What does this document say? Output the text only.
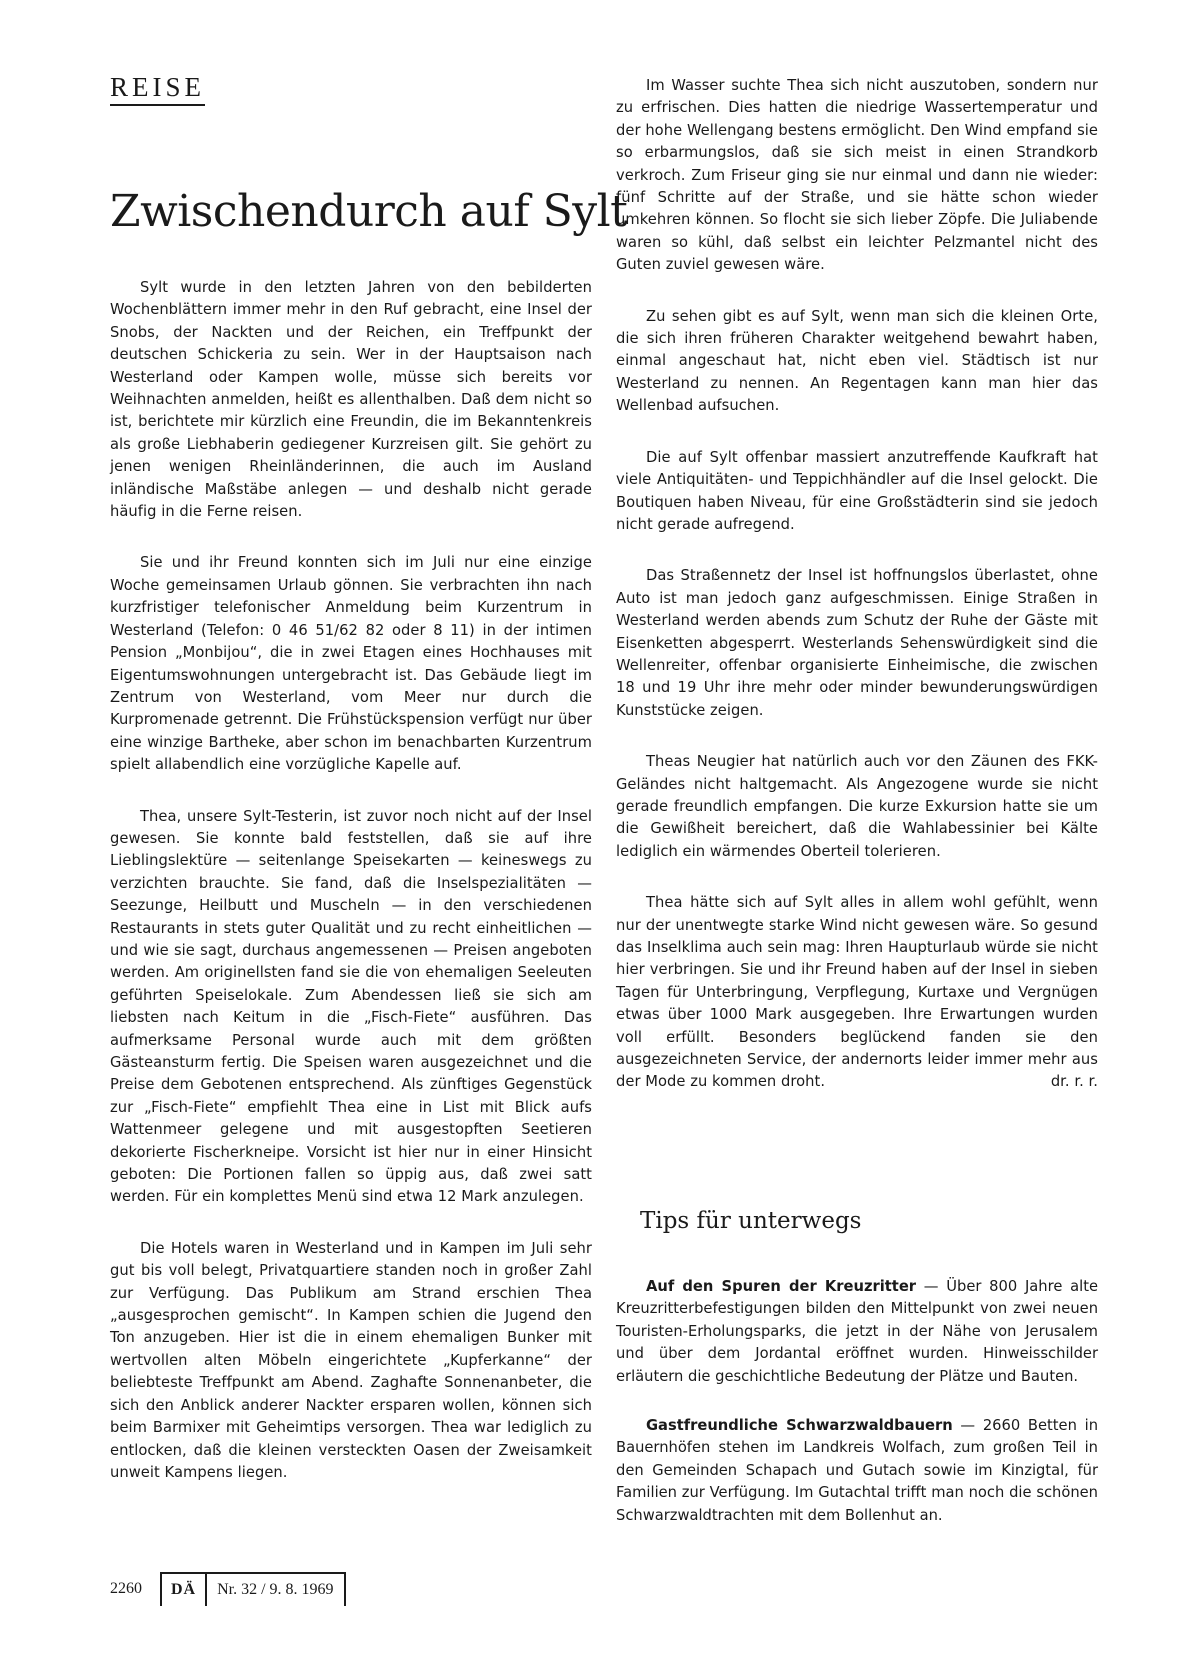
REISE
Zwischendurch auf Sylt

Sylt wurde in den letzten Jahren von den bebilderten Wochenblättern immer mehr in den Ruf gebracht, eine Insel der Snobs, der Nackten und der Reichen, ein Treffpunkt der deutschen Schickeria zu sein. Wer in der Hauptsaison nach Westerland oder Kampen wolle, müsse sich bereits vor Weihnachten anmelden, heißt es allenthalben. Daß dem nicht so ist, berichtete mir kürzlich eine Freundin, die im Bekanntenkreis als große Liebhaberin gediegener Kurzreisen gilt. Sie gehört zu jenen wenigen Rheinländerinnen, die auch im Ausland inländische Maßstäbe anlegen — und deshalb nicht gerade häufig in die Ferne reisen.

Sie und ihr Freund konnten sich im Juli nur eine einzige Woche gemeinsamen Urlaub gönnen. Sie verbrachten ihn nach kurzfristiger telefonischer Anmeldung beim Kurzentrum in Westerland (Telefon: 0 46 51/62 82 oder 8 11) in der intimen Pension „Monbijou“, die in zwei Etagen eines Hochhauses mit Eigentumswohnungen untergebracht ist. Das Gebäude liegt im Zentrum von Westerland, vom Meer nur durch die Kurpromenade getrennt. Die Frühstückspension verfügt nur über eine winzige Bartheke, aber schon im benachbarten Kurzentrum spielt allabendlich eine vorzügliche Kapelle auf.

Thea, unsere Sylt-Testerin, ist zuvor noch nicht auf der Insel gewesen. Sie konnte bald feststellen, daß sie auf ihre Lieblingslektüre — seitenlange Speisekarten — keineswegs zu verzichten brauchte. Sie fand, daß die Inselspezialitäten — Seezunge, Heilbutt und Muscheln — in den verschiedenen Restaurants in stets guter Qualität und zu recht einheitlichen — und wie sie sagt, durchaus angemessenen — Preisen angeboten werden. Am originellsten fand sie die von ehemaligen Seeleuten geführten Speiselokale. Zum Abendessen ließ sie sich am liebsten nach Keitum in die „Fisch-Fiete“ ausführen. Das aufmerksame Personal wurde auch mit dem größten Gästeansturm fertig. Die Speisen waren ausgezeichnet und die Preise dem Gebotenen entsprechend. Als zünftiges Gegenstück zur „Fisch-Fiete“ empfiehlt Thea eine in List mit Blick aufs Wattenmeer gelegene und mit ausgestopften Seetieren dekorierte Fischerkneipe. Vorsicht ist hier nur in einer Hinsicht geboten: Die Portionen fallen so üppig aus, daß zwei satt werden. Für ein komplettes Menü sind etwa 12 Mark anzulegen.

Die Hotels waren in Westerland und in Kampen im Juli sehr gut bis voll belegt, Privatquartiere standen noch in großer Zahl zur Verfügung. Das Publikum am Strand erschien Thea „ausgesprochen gemischt“. In Kampen schien die Jugend den Ton anzugeben. Hier ist die in einem ehemaligen Bunker mit wertvollen alten Möbeln eingerichtete „Kupferkanne“ der beliebteste Treffpunkt am Abend. Zaghafte Sonnenanbeter, die sich den Anblick anderer Nackter ersparen wollen, können sich beim Barmixer mit Geheimtips versorgen. Thea war lediglich zu entlocken, daß die kleinen versteckten Oasen der Zweisamkeit unweit Kampens liegen.

Im Wasser suchte Thea sich nicht auszutoben, sondern nur zu erfrischen. Dies hatten die niedrige Wassertemperatur und der hohe Wellengang bestens ermöglicht. Den Wind empfand sie so erbarmungslos, daß sie sich meist in einen Strandkorb verkroch. Zum Friseur ging sie nur einmal und dann nie wieder: fünf Schritte auf der Straße, und sie hätte schon wieder umkehren können. So flocht sie sich lieber Zöpfe. Die Juliabende waren so kühl, daß selbst ein leichter Pelzmantel nicht des Guten zuviel gewesen wäre.

Zu sehen gibt es auf Sylt, wenn man sich die kleinen Orte, die sich ihren früheren Charakter weitgehend bewahrt haben, einmal angeschaut hat, nicht eben viel. Städtisch ist nur Westerland zu nennen. An Regentagen kann man hier das Wellenbad aufsuchen.

Die auf Sylt offenbar massiert anzutreffende Kaufkraft hat viele Antiquitäten- und Teppichhändler auf die Insel gelockt. Die Boutiquen haben Niveau, für eine Großstädterin sind sie jedoch nicht gerade aufregend.

Das Straßennetz der Insel ist hoffnungslos überlastet, ohne Auto ist man jedoch ganz aufgeschmissen. Einige Straßen in Westerland werden abends zum Schutz der Ruhe der Gäste mit Eisenketten abgesperrt. Westerlands Sehenswürdigkeit sind die Wellenreiter, offenbar organisierte Einheimische, die zwischen 18 und 19 Uhr ihre mehr oder minder bewunderungswürdigen Kunststücke zeigen.

Theas Neugier hat natürlich auch vor den Zäunen des FKK-Geländes nicht haltgemacht. Als Angezogene wurde sie nicht gerade freundlich empfangen. Die kurze Exkursion hatte sie um die Gewißheit bereichert, daß die Wahlabessinier bei Kälte lediglich ein wärmendes Oberteil tolerieren.

Thea hätte sich auf Sylt alles in allem wohl gefühlt, wenn nur der unentwegte starke Wind nicht gewesen wäre. So gesund das Inselklima auch sein mag: Ihren Haupturlaub würde sie nicht hier verbringen. Sie und ihr Freund haben auf der Insel in sieben Tagen für Unterbringung, Verpflegung, Kurtaxe und Vergnügen etwas über 1000 Mark ausgegeben. Ihre Erwartungen wurden voll erfüllt. Besonders beglückend fanden sie den ausgezeichneten Service, der andernorts leider immer mehr aus der Mode zu kommen droht.	dr. r. r.

Tips für unterwegs

Auf den Spuren der Kreuzritter — Über 800 Jahre alte Kreuzritterbefestigungen bilden den Mittelpunkt von zwei neuen Touristen-Erholungsparks, die jetzt in der Nähe von Jerusalem und über dem Jordantal eröffnet wurden. Hinweisschilder erläutern die geschichtliche Bedeutung der Plätze und Bauten.

Gastfreundliche Schwarzwaldbauern — 2660 Betten in Bauernhöfen stehen im Landkreis Wolfach, zum großen Teil in den Gemeinden Schapach und Gutach sowie im Kinzigtal, für Familien zur Verfügung. Im Gutachtal trifft man noch die schönen Schwarzwaldtrachten mit dem Bollenhut an.

2260	DÄ	Nr. 32 / 9. 8. 1969
